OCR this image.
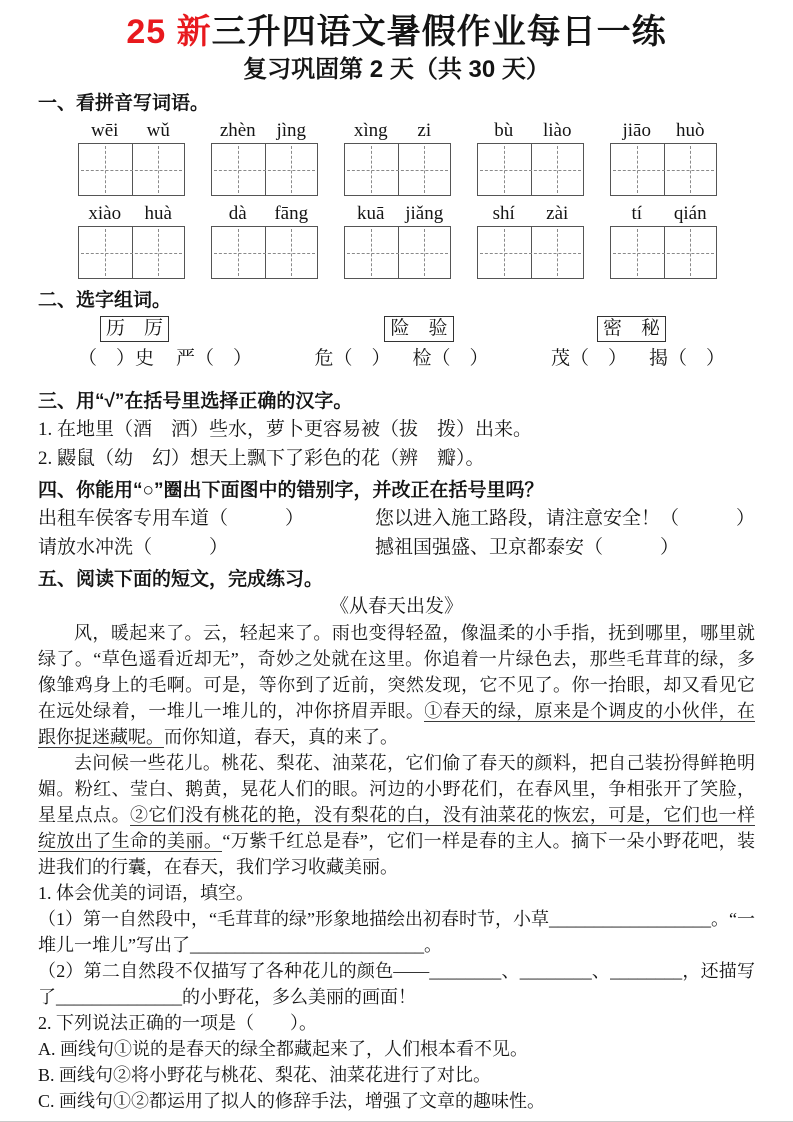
25 新三升四语文暑假作业每日一练
复习巩固第 2 天（共 30 天）
一、看拼音写词语。
wēi	wǔ	zhèn	jìng	xìng	zi	bù	liào	jiāo	huò
xiào	huà	dà	fāng	kuā	jiǎng	shí	zài	tí	qián
二、选字组词。
历　厉
（　）史 严（　）
险　验
危（　） 检（　）
密　秘
茂（　） 揭（　）
三、用“√”在括号里选择正确的汉字。
1. 在地里（酒　洒）些水，萝卜更容易被（拔　拨）出来。
2. 鼹鼠（幼　幻）想天上飘下了彩色的花（辨　瓣）。
四、你能用“○”圈出下面图中的错别字，并改正在括号里吗？
出租车侯客专用车道（　　　）	您以进入施工路段，请注意安全！（　　　）
请放水冲洗（　　　）	撼祖国强盛、卫京都泰安（　　　）
五、阅读下面的短文，完成练习。
《从春天出发》

风，暖起来了。云，轻起来了。雨也变得轻盈，像温柔的小手指，抚到哪里，哪里就绿了。“草色遥看近却无”，奇妙之处就在这里。你追着一片绿色去，那些毛茸茸的绿，多像雏鸡身上的毛啊。可是，等你到了近前，突然发现，它不见了。你一抬眼，却又看见它在远处绿着，一堆儿一堆儿的，冲你挤眉弄眼。①春天的绿，原来是个调皮的小伙伴，在跟你捉迷藏呢。而你知道，春天，真的来了。

去问候一些花儿。桃花、梨花、油菜花，它们偷了春天的颜料，把自己装扮得鲜艳明媚。粉红、莹白、鹅黄，晃花人们的眼。河边的小野花们，在春风里，争相张开了笑脸，星星点点。②它们没有桃花的艳，没有梨花的白，没有油菜花的恢宏，可是，它们也一样绽放出了生命的美丽。“万紫千红总是春”，它们一样是春的主人。摘下一朵小野花吧，装进我们的行囊，在春天，我们学习收藏美丽。

1. 体会优美的词语，填空。
（1）第一自然段中，“毛茸茸的绿”形象地描绘出初春时节，小草__________________。“一堆儿一堆儿”写出了__________________________。
（2）第二自然段不仅描写了各种花儿的颜色——________、________、________，还描写了______________的小野花，多么美丽的画面！
2. 下列说法正确的一项是（　　）。
A. 画线句①说的是春天的绿全都藏起来了，人们根本看不见。
B. 画线句②将小野花与桃花、梨花、油菜花进行了对比。
C. 画线句①②都运用了拟人的修辞手法，增强了文章的趣味性。
